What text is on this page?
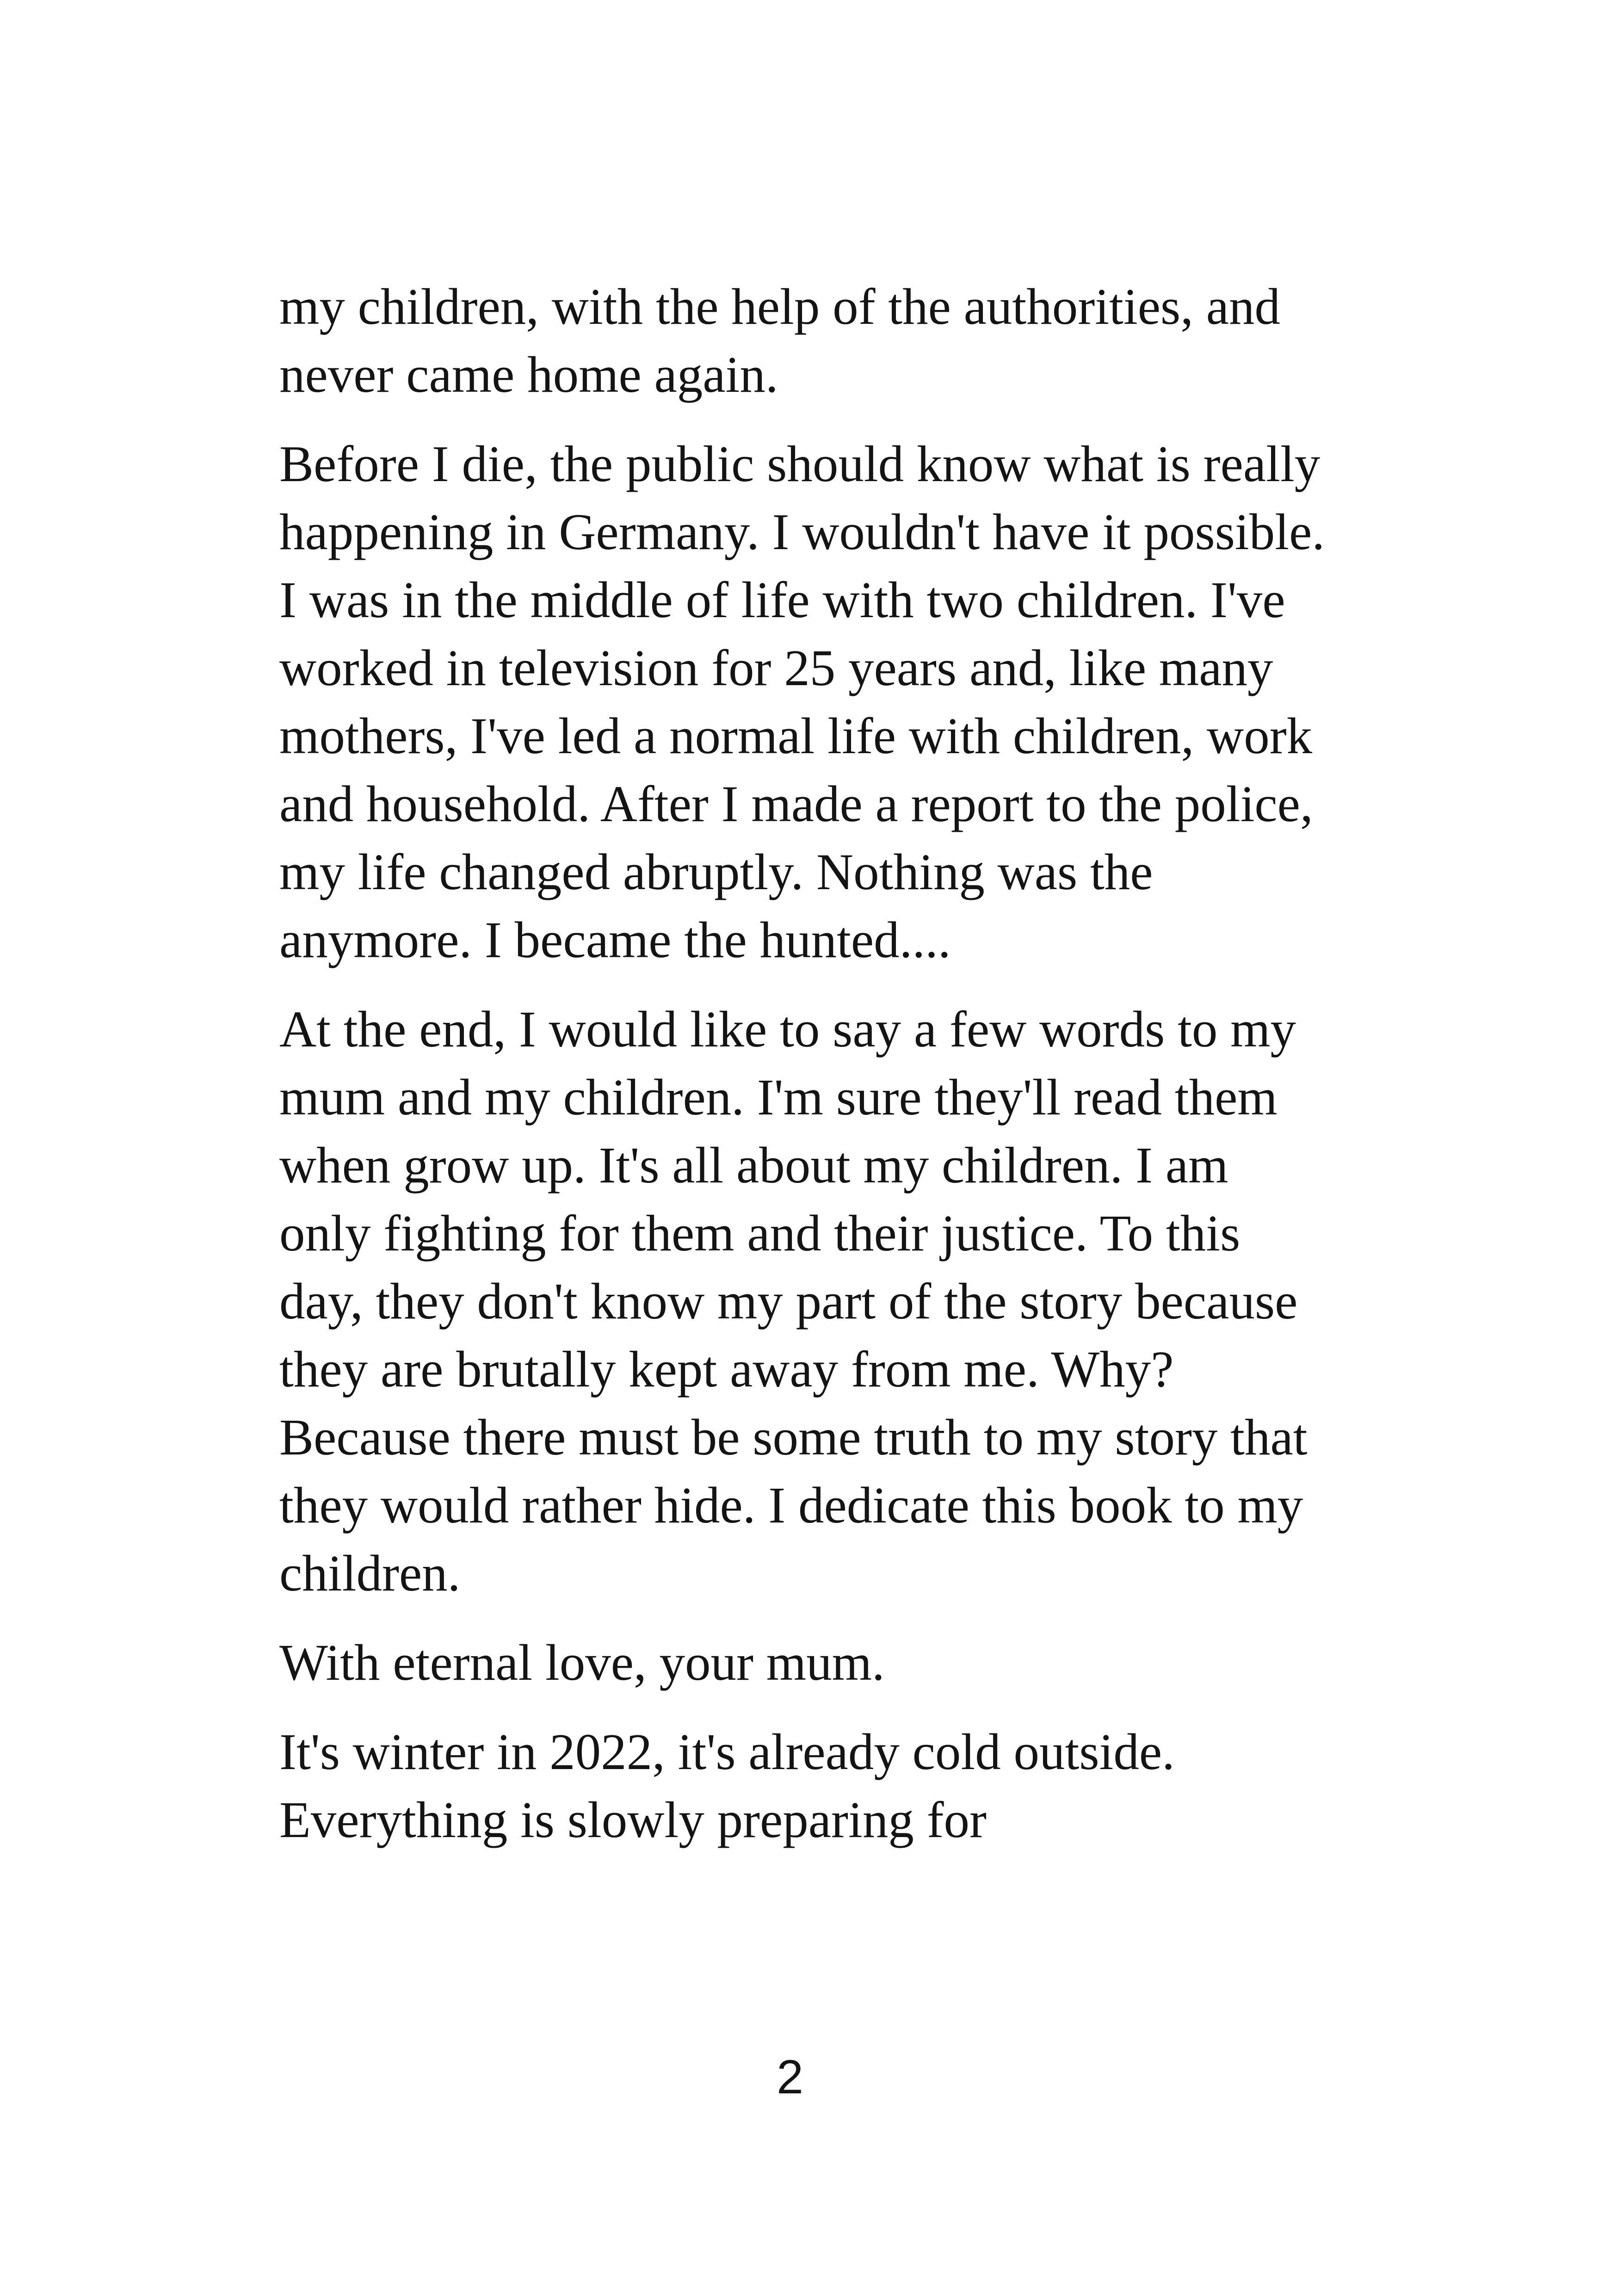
my children, with the help of the authorities, and
never came home again.
Before I die, the public should know what is really
happening in Germany. I wouldn't have it possible.
I was in the middle of life with two children. I've
worked in television for 25 years and, like many
mothers, I've led a normal life with children, work
and household. After I made a report to the police,
my life changed abruptly. Nothing was the
anymore. I became the hunted....
At the end, I would like to say a few words to my
mum and my children. I'm sure they'll read them
when grow up. It's all about my children. I am
only fighting for them and their justice. To this
day, they don't know my part of the story because
they are brutally kept away from me. Why?
Because there must be some truth to my story that
they would rather hide. I dedicate this book to my
children.
With eternal love, your mum.
It's winter in 2022, it's already cold outside.
Everything is slowly preparing for
2
